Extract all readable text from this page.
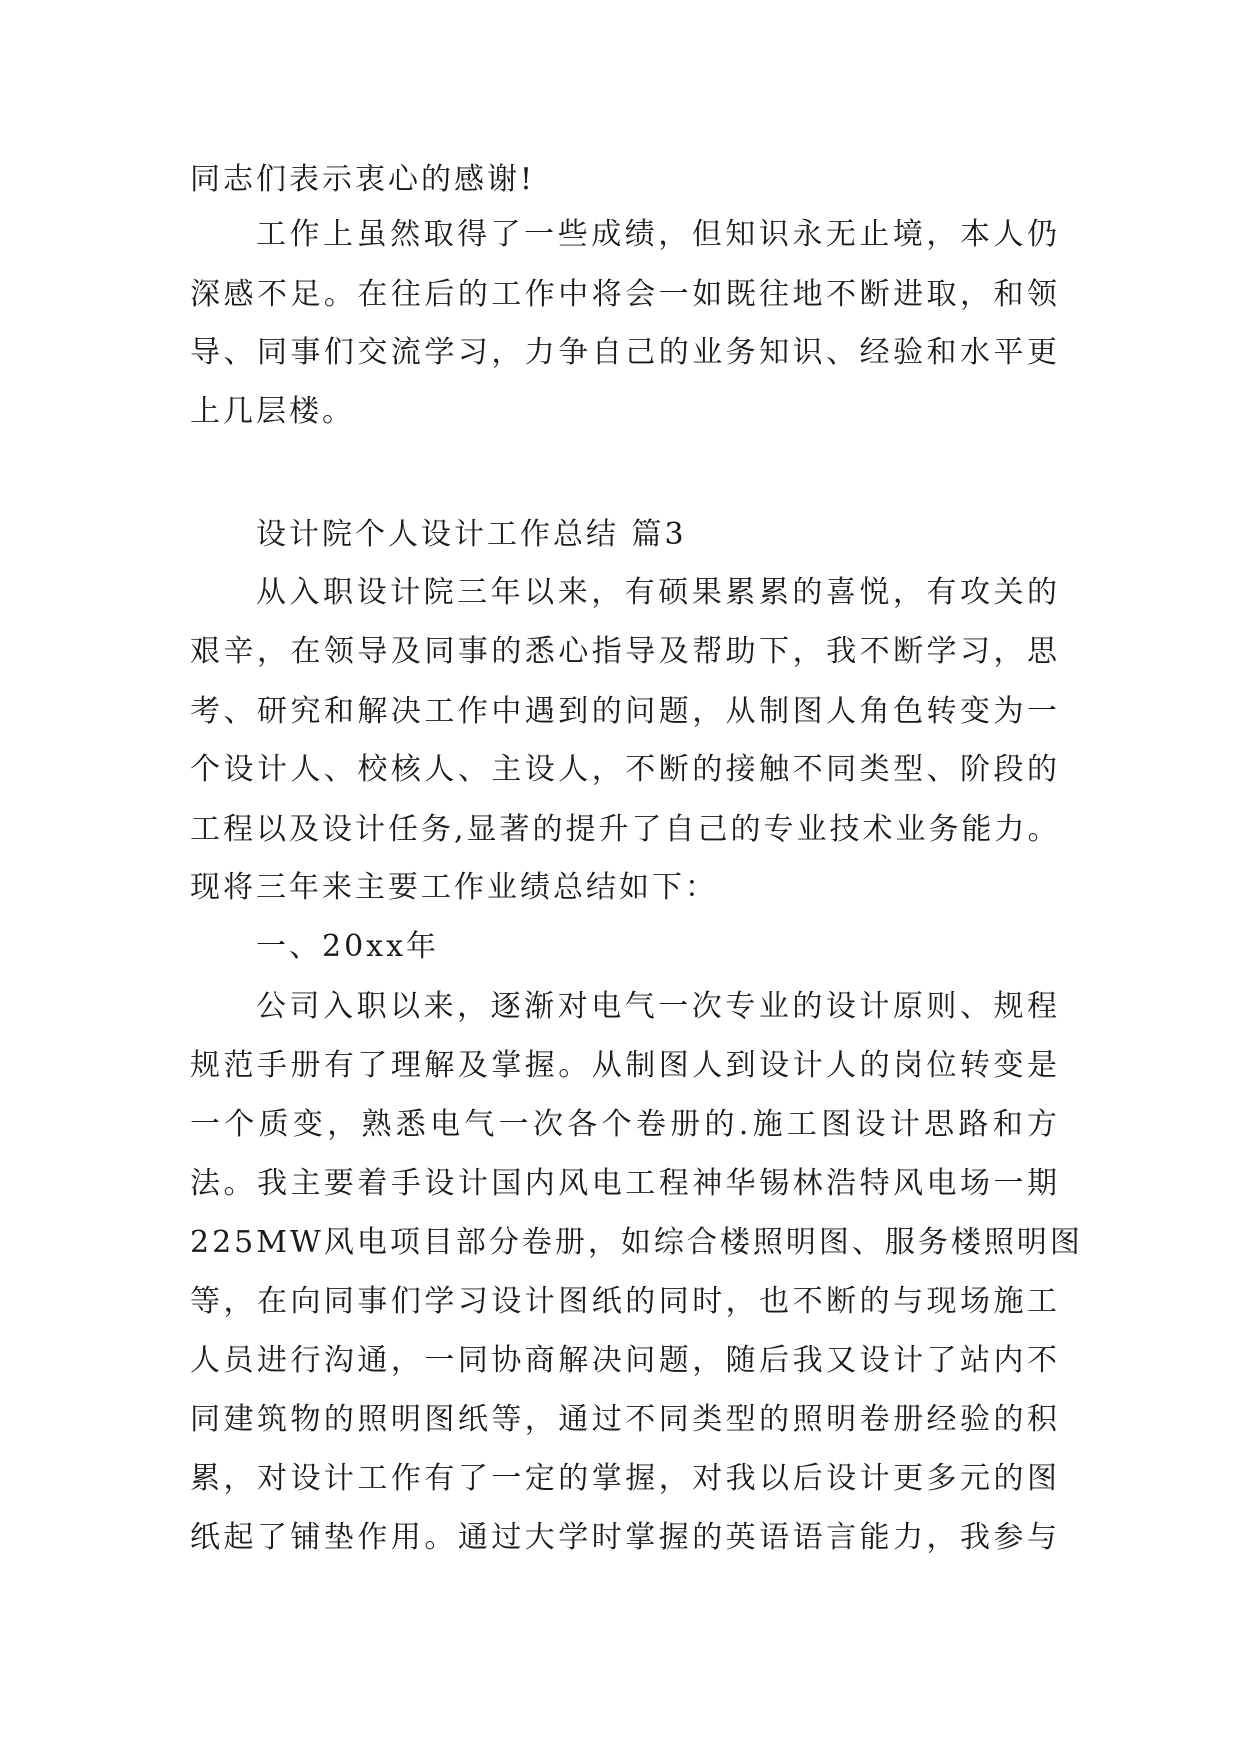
同志们表示衷心的感谢!
工作上虽然取得了一些成绩，但知识永无止境，本人仍
深感不足。在往后的工作中将会一如既往地不断进取，和领
导、同事们交流学习，力争自己的业务知识、经验和水平更
上几层楼。
设计院个人设计工作总结 篇3
从入职设计院三年以来，有硕果累累的喜悦，有攻关的
艰辛，在领导及同事的悉心指导及帮助下，我不断学习，思
考、研究和解决工作中遇到的问题，从制图人角色转变为一
个设计人、校核人、主设人，不断的接触不同类型、阶段的
工程以及设计任务,显著的提升了自己的专业技术业务能力。
现将三年来主要工作业绩总结如下：
一、20xx年
公司入职以来，逐渐对电气一次专业的设计原则、规程
规范手册有了理解及掌握。从制图人到设计人的岗位转变是
一个质变，熟悉电气一次各个卷册的.施工图设计思路和方
法。我主要着手设计国内风电工程神华锡林浩特风电场一期
225MW风电项目部分卷册，如综合楼照明图、服务楼照明图
等，在向同事们学习设计图纸的同时，也不断的与现场施工
人员进行沟通，一同协商解决问题，随后我又设计了站内不
同建筑物的照明图纸等，通过不同类型的照明卷册经验的积
累，对设计工作有了一定的掌握，对我以后设计更多元的图
纸起了铺垫作用。通过大学时掌握的英语语言能力，我参与
